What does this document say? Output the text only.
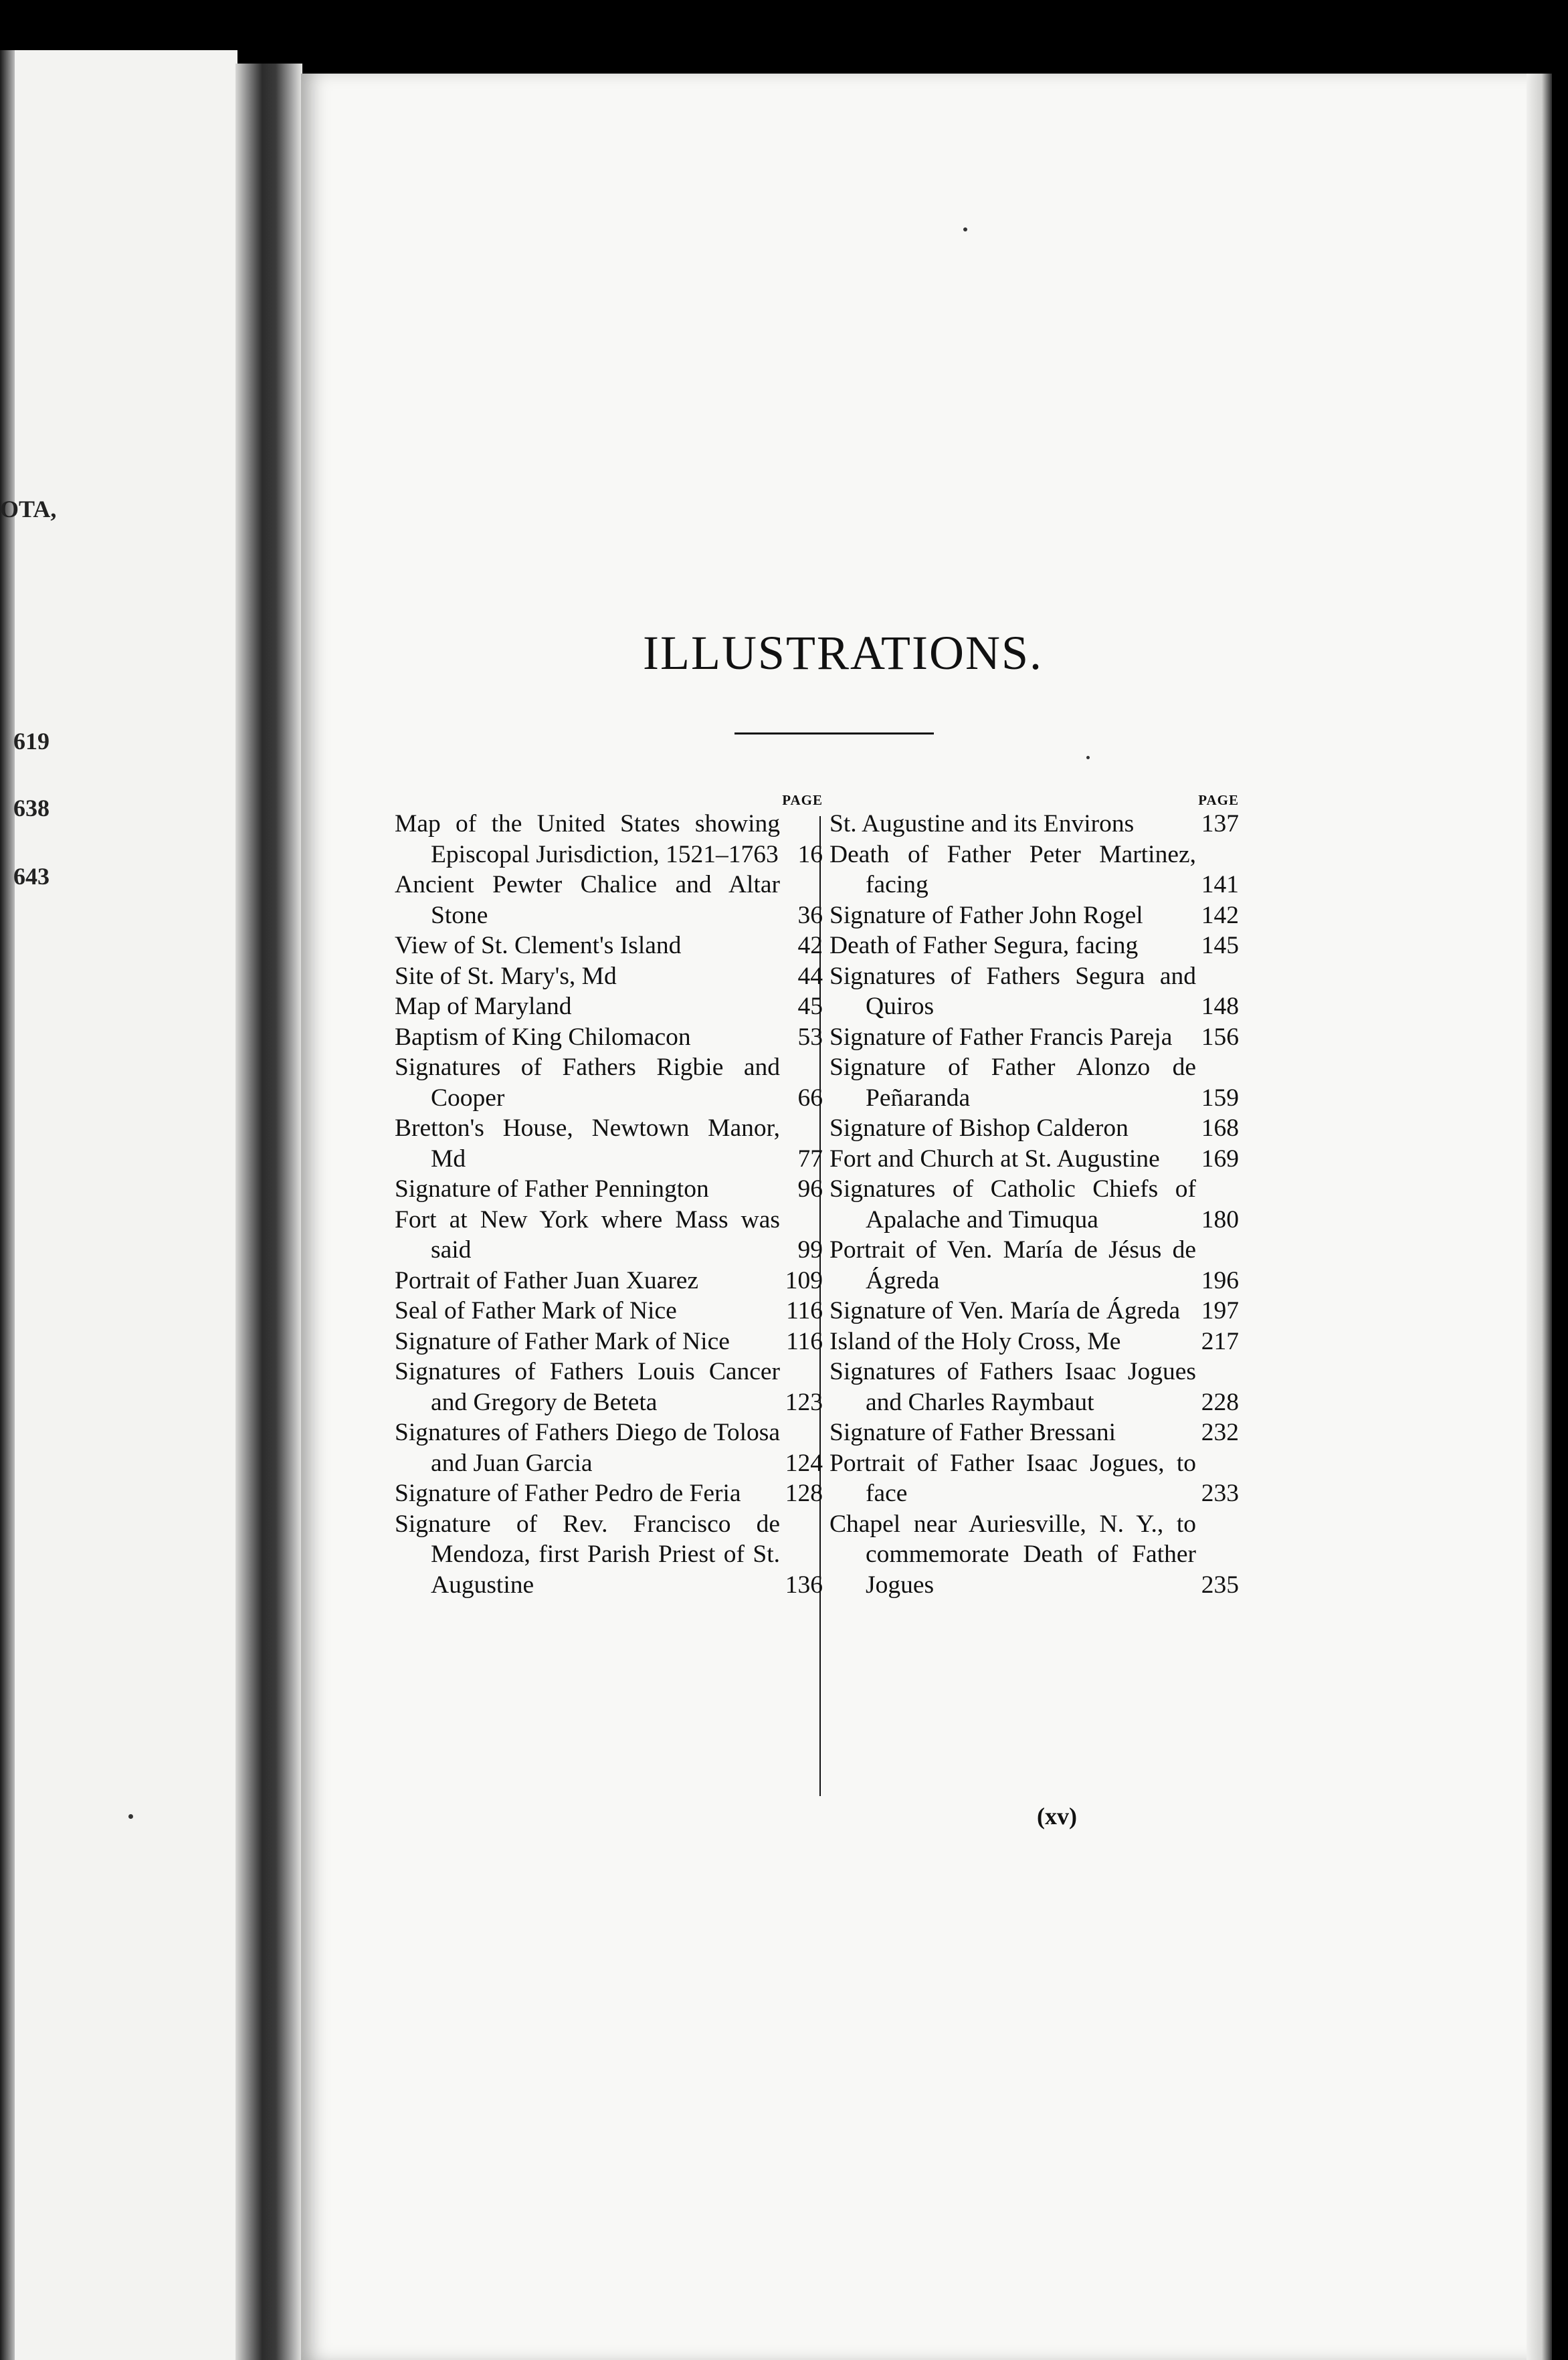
OTA,
619
638
643
ILLUSTRATIONS.
PAGE
Map of the United States showing Episcopal Jurisdiction, 1521–1763 16
Ancient Pewter Chalice and Altar Stone	36
View of St. Clement's Island	42
Site of St. Mary's, Md	44
Map of Maryland	45
Baptism of King Chilomacon	53
Signatures of Fathers Rigbie and Cooper	66
Bretton's House, Newtown Manor, Md	77
Signature of Father Pennington	96
Fort at New York where Mass was said	99
Portrait of Father Juan Xuarez	109
Seal of Father Mark of Nice	116
Signature of Father Mark of Nice 116
Signatures of Fathers Louis Cancer and Gregory de Beteta	123
Signatures of Fathers Diego de Tolosa and Juan Garcia	124
Signature of Father Pedro de Feria 128
Signature of Rev. Francisco de Mendoza, first Parish Priest of St. Augustine	136
PAGE
St. Augustine and its Environs	137
Death of Father Peter Martinez, facing	141
Signature of Father John Rogel 142
Death of Father Segura, facing	145
Signatures of Fathers Segura and Quiros	148
Signature of Father Francis Pareja 156
Signature of Father Alonzo de Peñaranda	159
Signature of Bishop Calderon	168
Fort and Church at St. Augustine 169
Signatures of Catholic Chiefs of Apalache and Timuqua	180
Portrait of Ven. María de Jésus de Ágreda	196
Signature of Ven. María de Ágreda 197
Island of the Holy Cross, Me	217
Signatures of Fathers Isaac Jogues and Charles Raymbaut	228
Signature of Father Bressani	232
Portrait of Father Isaac Jogues, to face	233
Chapel near Auriesville, N. Y., to commemorate Death of Father Jogues	235
(xv)
